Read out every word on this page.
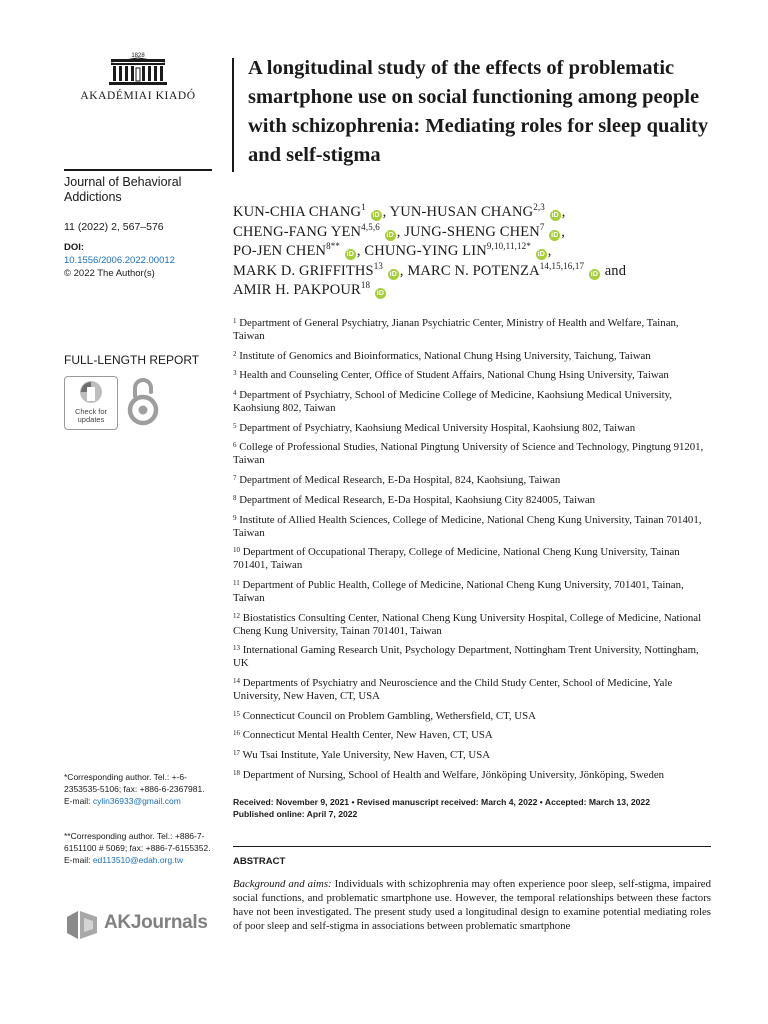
1828
AKADÉMIAI KIADÓ
Journal of Behavioral Addictions
11 (2022) 2, 567–576
DOI:
10.1556/2006.2022.00012
© 2022 The Author(s)
FULL-LENGTH REPORT
Check for updates
*Corresponding author. Tel.: +-6-2353535-5106; fax: +886-6-2367981.
E-mail: cylin36933@gmail.com
**Corresponding author. Tel.: +886-7-6151100 # 5069; fax: +886-7-6155352.
E-mail: ed113510@edah.org.tw
AKJournals
A longitudinal study of the effects of problematic smartphone use on social functioning among people with schizophrenia: Mediating roles for sleep quality and self-stigma
KUN-CHIA CHANG$^1$ iD , YUN-HUSAN CHANG$^{2,3}$ iD ,
CHENG-FANG YEN$^{4,5,6}$ iD , JUNG-SHENG CHEN$^7$ iD ,
PO-JEN $CHEN^{8**}$ iD , CHUNG-YING $LIN^{9,10,11,12*}$ iD ,
MARK D. GRIFFITHS$^{13}$ iD , MARC N. POTENZA$^{14,15,16,17}$ iD and
AMIR H. PAKPOUR$^{18}$ iD
$^1$ Department of General Psychiatry, Jianan Psychiatric Center, Ministry of Health and Welfare, Tainan, Taiwan
$^2$ Institute of Genomics and Bioinformatics, National Chung Hsing University, Taichung, Taiwan
$^3$ Health and Counseling Center, Office of Student Affairs, National Chung Hsing University, Taiwan
$^4$ Department of Psychiatry, School of Medicine College of Medicine, Kaohsiung Medical University, Kaohsiung 802, Taiwan
$^5$ Department of Psychiatry, Kaohsiung Medical University Hospital, Kaohsiung 802, Taiwan
$^6$ College of Professional Studies, National Pingtung University of Science and Technology, Pingtung 91201, Taiwan
$^7$ Department of Medical Research, E-Da Hospital, 824, Kaohsiung, Taiwan
$^8$ Department of Medical Research, E-Da Hospital, Kaohsiung City 824005, Taiwan
$^9$ Institute of Allied Health Sciences, College of Medicine, National Cheng Kung University, Tainan 701401, Taiwan
$^{10}$ Department of Occupational Therapy, College of Medicine, National Cheng Kung University, Tainan 701401, Taiwan
$^{11}$ Department of Public Health, College of Medicine, National Cheng Kung University, 701401, Tainan, Taiwan
$^{12}$ Biostatistics Consulting Center, National Cheng Kung University Hospital, College of Medicine, National Cheng Kung University, Tainan 701401, Taiwan
$^{13}$ International Gaming Research Unit, Psychology Department, Nottingham Trent University, Nottingham, UK
$^{14}$ Departments of Psychiatry and Neuroscience and the Child Study Center, School of Medicine, Yale University, New Haven, CT, USA
$^{15}$ Connecticut Council on Problem Gambling, Wethersfield, CT, USA
$^{16}$ Connecticut Mental Health Center, New Haven, CT, USA
$^{17}$ Wu Tsai Institute, Yale University, New Haven, CT, USA
$^{18}$ Department of Nursing, School of Health and Welfare, Jönköping University, Jönköping, Sweden
Received: November 9, 2021 • Revised manuscript received: March 4, 2022 • Accepted: March 13, 2022
Published online: April 7, 2022
ABSTRACT
Background and aims: Individuals with schizophrenia may often experience poor sleep, self-stigma, impaired social functions, and problematic smartphone use. However, the temporal relationships between these factors have not been investigated. The present study used a longitudinal design to examine potential mediating roles of poor sleep and self-stigma in associations between problematic smartphone
